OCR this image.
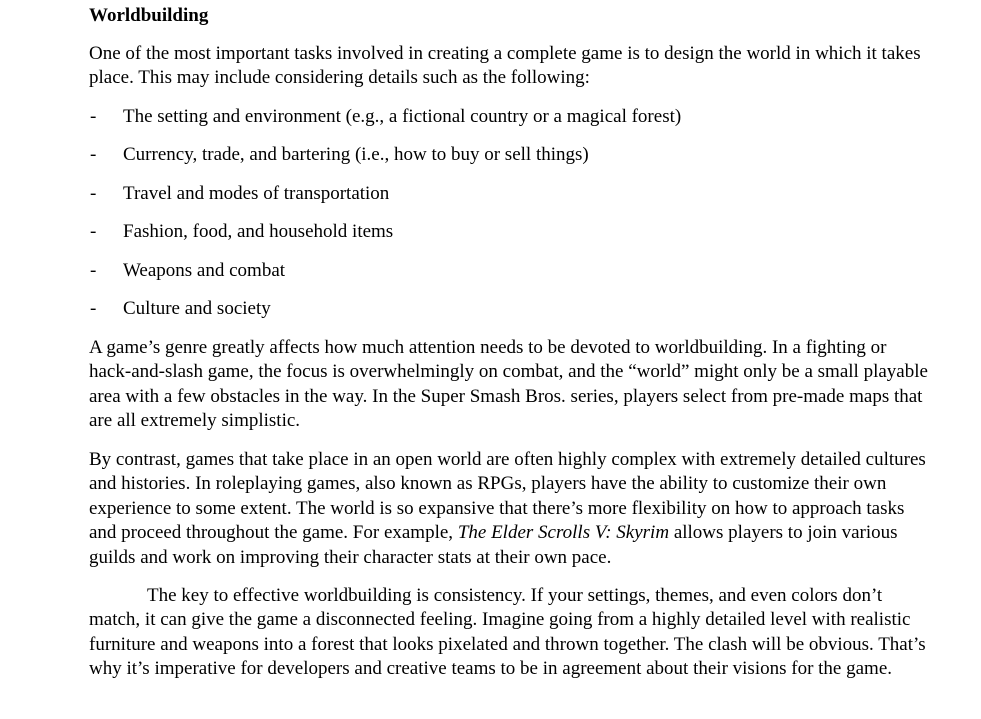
Worldbuilding
One of the most important tasks involved in creating a complete game is to design the world in which it takes place. This may include considering details such as the following:
- The setting and environment (e.g., a fictional country or a magical forest)
- Currency, trade, and bartering (i.e., how to buy or sell things)
- Travel and modes of transportation
- Fashion, food, and household items
- Weapons and combat
- Culture and society
A game’s genre greatly affects how much attention needs to be devoted to worldbuilding. In a fighting or hack-and-slash game, the focus is overwhelmingly on combat, and the “world” might only be a small playable area with a few obstacles in the way. In the Super Smash Bros. series, players select from pre-made maps that are all extremely simplistic.
By contrast, games that take place in an open world are often highly complex with extremely detailed cultures and histories. In roleplaying games, also known as RPGs, players have the ability to customize their own experience to some extent. The world is so expansive that there’s more flexibility on how to approach tasks and proceed throughout the game. For example, The Elder Scrolls V: Skyrim allows players to join various guilds and work on improving their character stats at their own pace.
The key to effective worldbuilding is consistency. If your settings, themes, and even colors don’t match, it can give the game a disconnected feeling. Imagine going from a highly detailed level with realistic furniture and weapons into a forest that looks pixelated and thrown together. The clash will be obvious. That’s why it’s imperative for developers and creative teams to be in agreement about their visions for the game.
